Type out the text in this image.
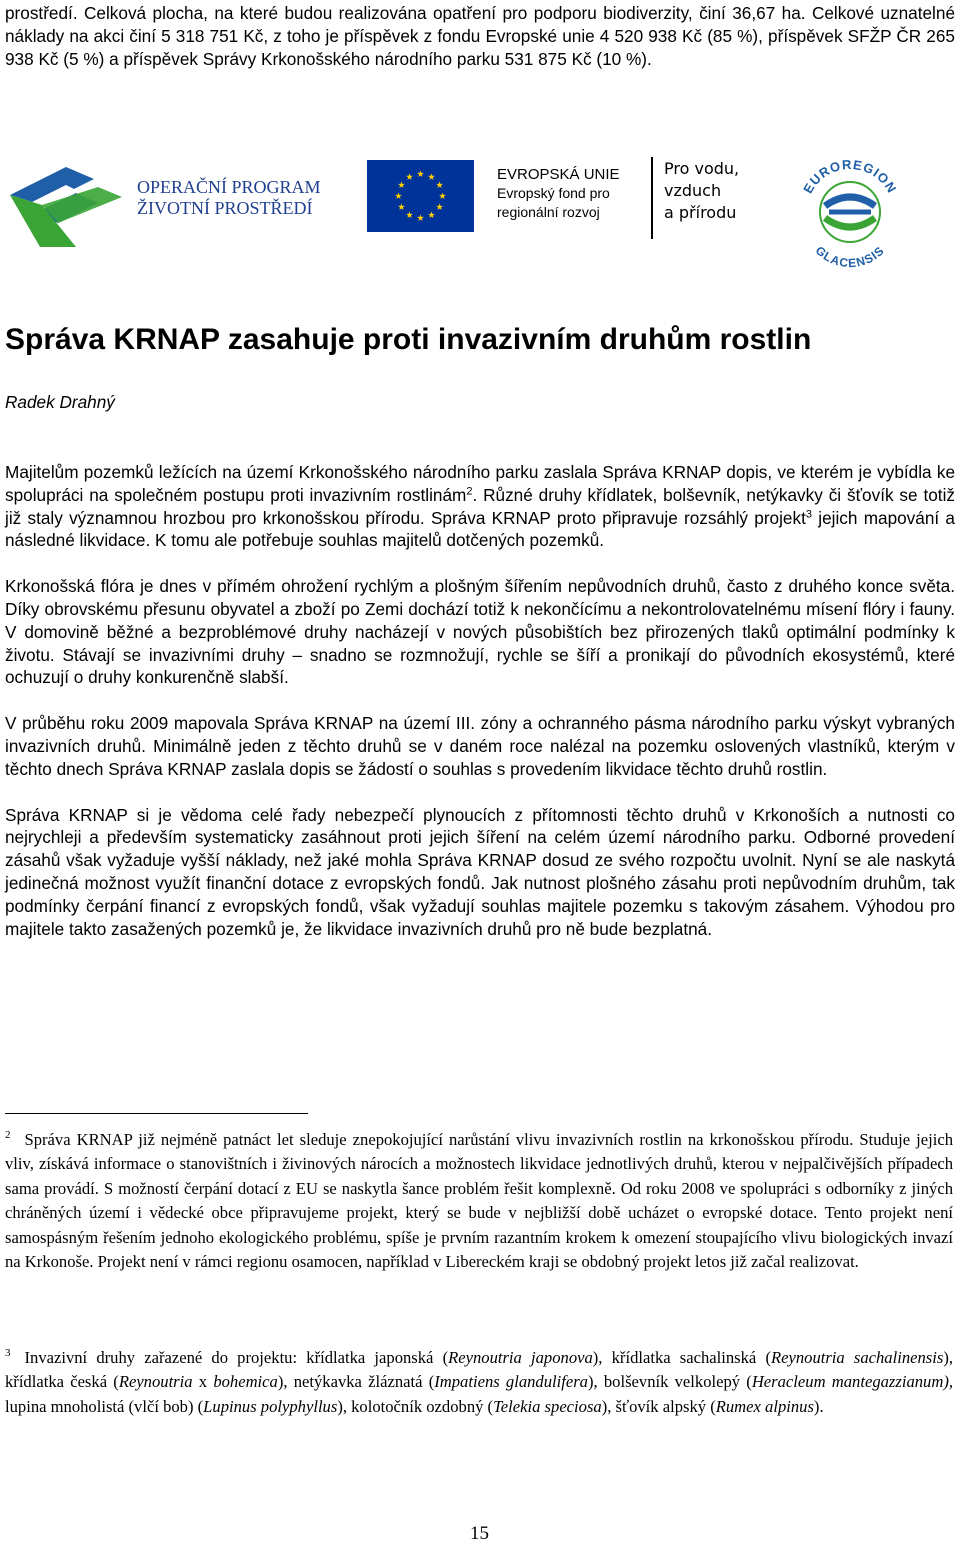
prostředí. Celková plocha, na které budou realizována opatření pro podporu biodiverzity, činí 36,67 ha. Celkové uznatelné náklady na akci činí 5 318 751 Kč, z toho je příspěvek z fondu Evropské unie 4 520 938 Kč (85 %), příspěvek SFŽP ČR 265 938 Kč (5 %) a příspěvek Správy Krkonošského národního parku 531 875 Kč (10 %).

OPERAČNÍ PROGRAM
ŽIVOTNÍ PROSTŘEDÍ
EVROPSKÁ UNIE
Evropský fond pro
regionální rozvoj
Pro vodu,
vzduch
a přírodu
EUROREGION
GLACENSIS
Správa KRNAP zasahuje proti invazivním druhům rostlin
Radek Drahný

Majitelům pozemků ležících na území Krkonošského národního parku zaslala Správa KRNAP dopis, ve kterém je vybídla ke spolupráci na společném postupu proti invazivním rostlinám$^2$. Různé druhy křídlatek, bolševník, netýkavky či šťovík se totiž již staly významnou hrozbou pro krkonošskou přírodu. Správa KRNAP proto připravuje rozsáhlý projekt$^3$ jejich mapování a následné likvidace. K tomu ale potřebuje souhlas majitelů dotčených pozemků.

Krkonošská flóra je dnes v přímém ohrožení rychlým a plošným šířením nepůvodních druhů, často z druhého konce světa. Díky obrovskému přesunu obyvatel a zboží po Zemi dochází totiž k nekončícímu a nekontrolovatelnému mísení flóry i fauny. V domovině běžné a bezproblémové druhy nacházejí v nových působištích bez přirozených tlaků optimální podmínky k životu. Stávají se invazivními druhy – snadno se rozmnožují, rychle se šíří a pronikají do původních ekosystémů, které ochuzují o druhy konkurenčně slabší.

V průběhu roku 2009 mapovala Správa KRNAP na území III. zóny a ochranného pásma národního parku výskyt vybraných invazivních druhů. Minimálně jeden z těchto druhů se v daném roce nalézal na pozemku oslovených vlastníků, kterým v těchto dnech Správa KRNAP zaslala dopis se žádostí o souhlas s provedením likvidace těchto druhů rostlin.

Správa KRNAP si je vědoma celé řady nebezpečí plynoucích z přítomnosti těchto druhů v Krkonoších a nutnosti co nejrychleji a především systematicky zasáhnout proti jejich šíření na celém území národního parku. Odborné provedení zásahů však vyžaduje vyšší náklady, než jaké mohla Správa KRNAP dosud ze svého rozpočtu uvolnit. Nyní se ale naskytá jedinečná možnost využít finanční dotace z evropských fondů. Jak nutnost plošného zásahu proti nepůvodním druhům, tak podmínky čerpání financí z evropských fondů, však vyžadují souhlas majitele pozemku s takovým zásahem. Výhodou pro majitele takto zasažených pozemků je, že likvidace invazivních druhů pro ně bude bezplatná.

$^2$ Správa KRNAP již nejméně patnáct let sleduje znepokojující narůstání vlivu invazivních rostlin na krkonošskou přírodu. Studuje jejich vliv, získává informace o stanovištních i živinových nárocích a možnostech likvidace jednotlivých druhů, kterou v nejpalčivějších případech sama provádí. S možností čerpání dotací z EU se naskytla šance problém řešit komplexně. Od roku 2008 ve spolupráci s odborníky z jiných chráněných území i vědecké obce připravujeme projekt, který se bude v nejbližší době ucházet o evropské dotace. Tento projekt není samospásným řešením jednoho ekologického problému, spíše je prvním razantním krokem k omezení stoupajícího vlivu biologických invazí na Krkonoše. Projekt není v rámci regionu osamocen, například v Libereckém kraji se obdobný projekt letos již začal realizovat.

$^3$ Invazivní druhy zařazené do projektu: křídlatka japonská (Reynoutria japonova), křídlatka sachalinská (Reynoutria sachalinensis), křídlatka česká (Reynoutria x bohemica), netýkavka žláznatá (Impatiens glandulifera), bolševník velkolepý (Heracleum mantegazzianum), lupina mnoholistá (vlčí bob) (Lupinus polyphyllus), kolotočník ozdobný (Telekia speciosa), šťovík alpský (Rumex alpinus).

15
